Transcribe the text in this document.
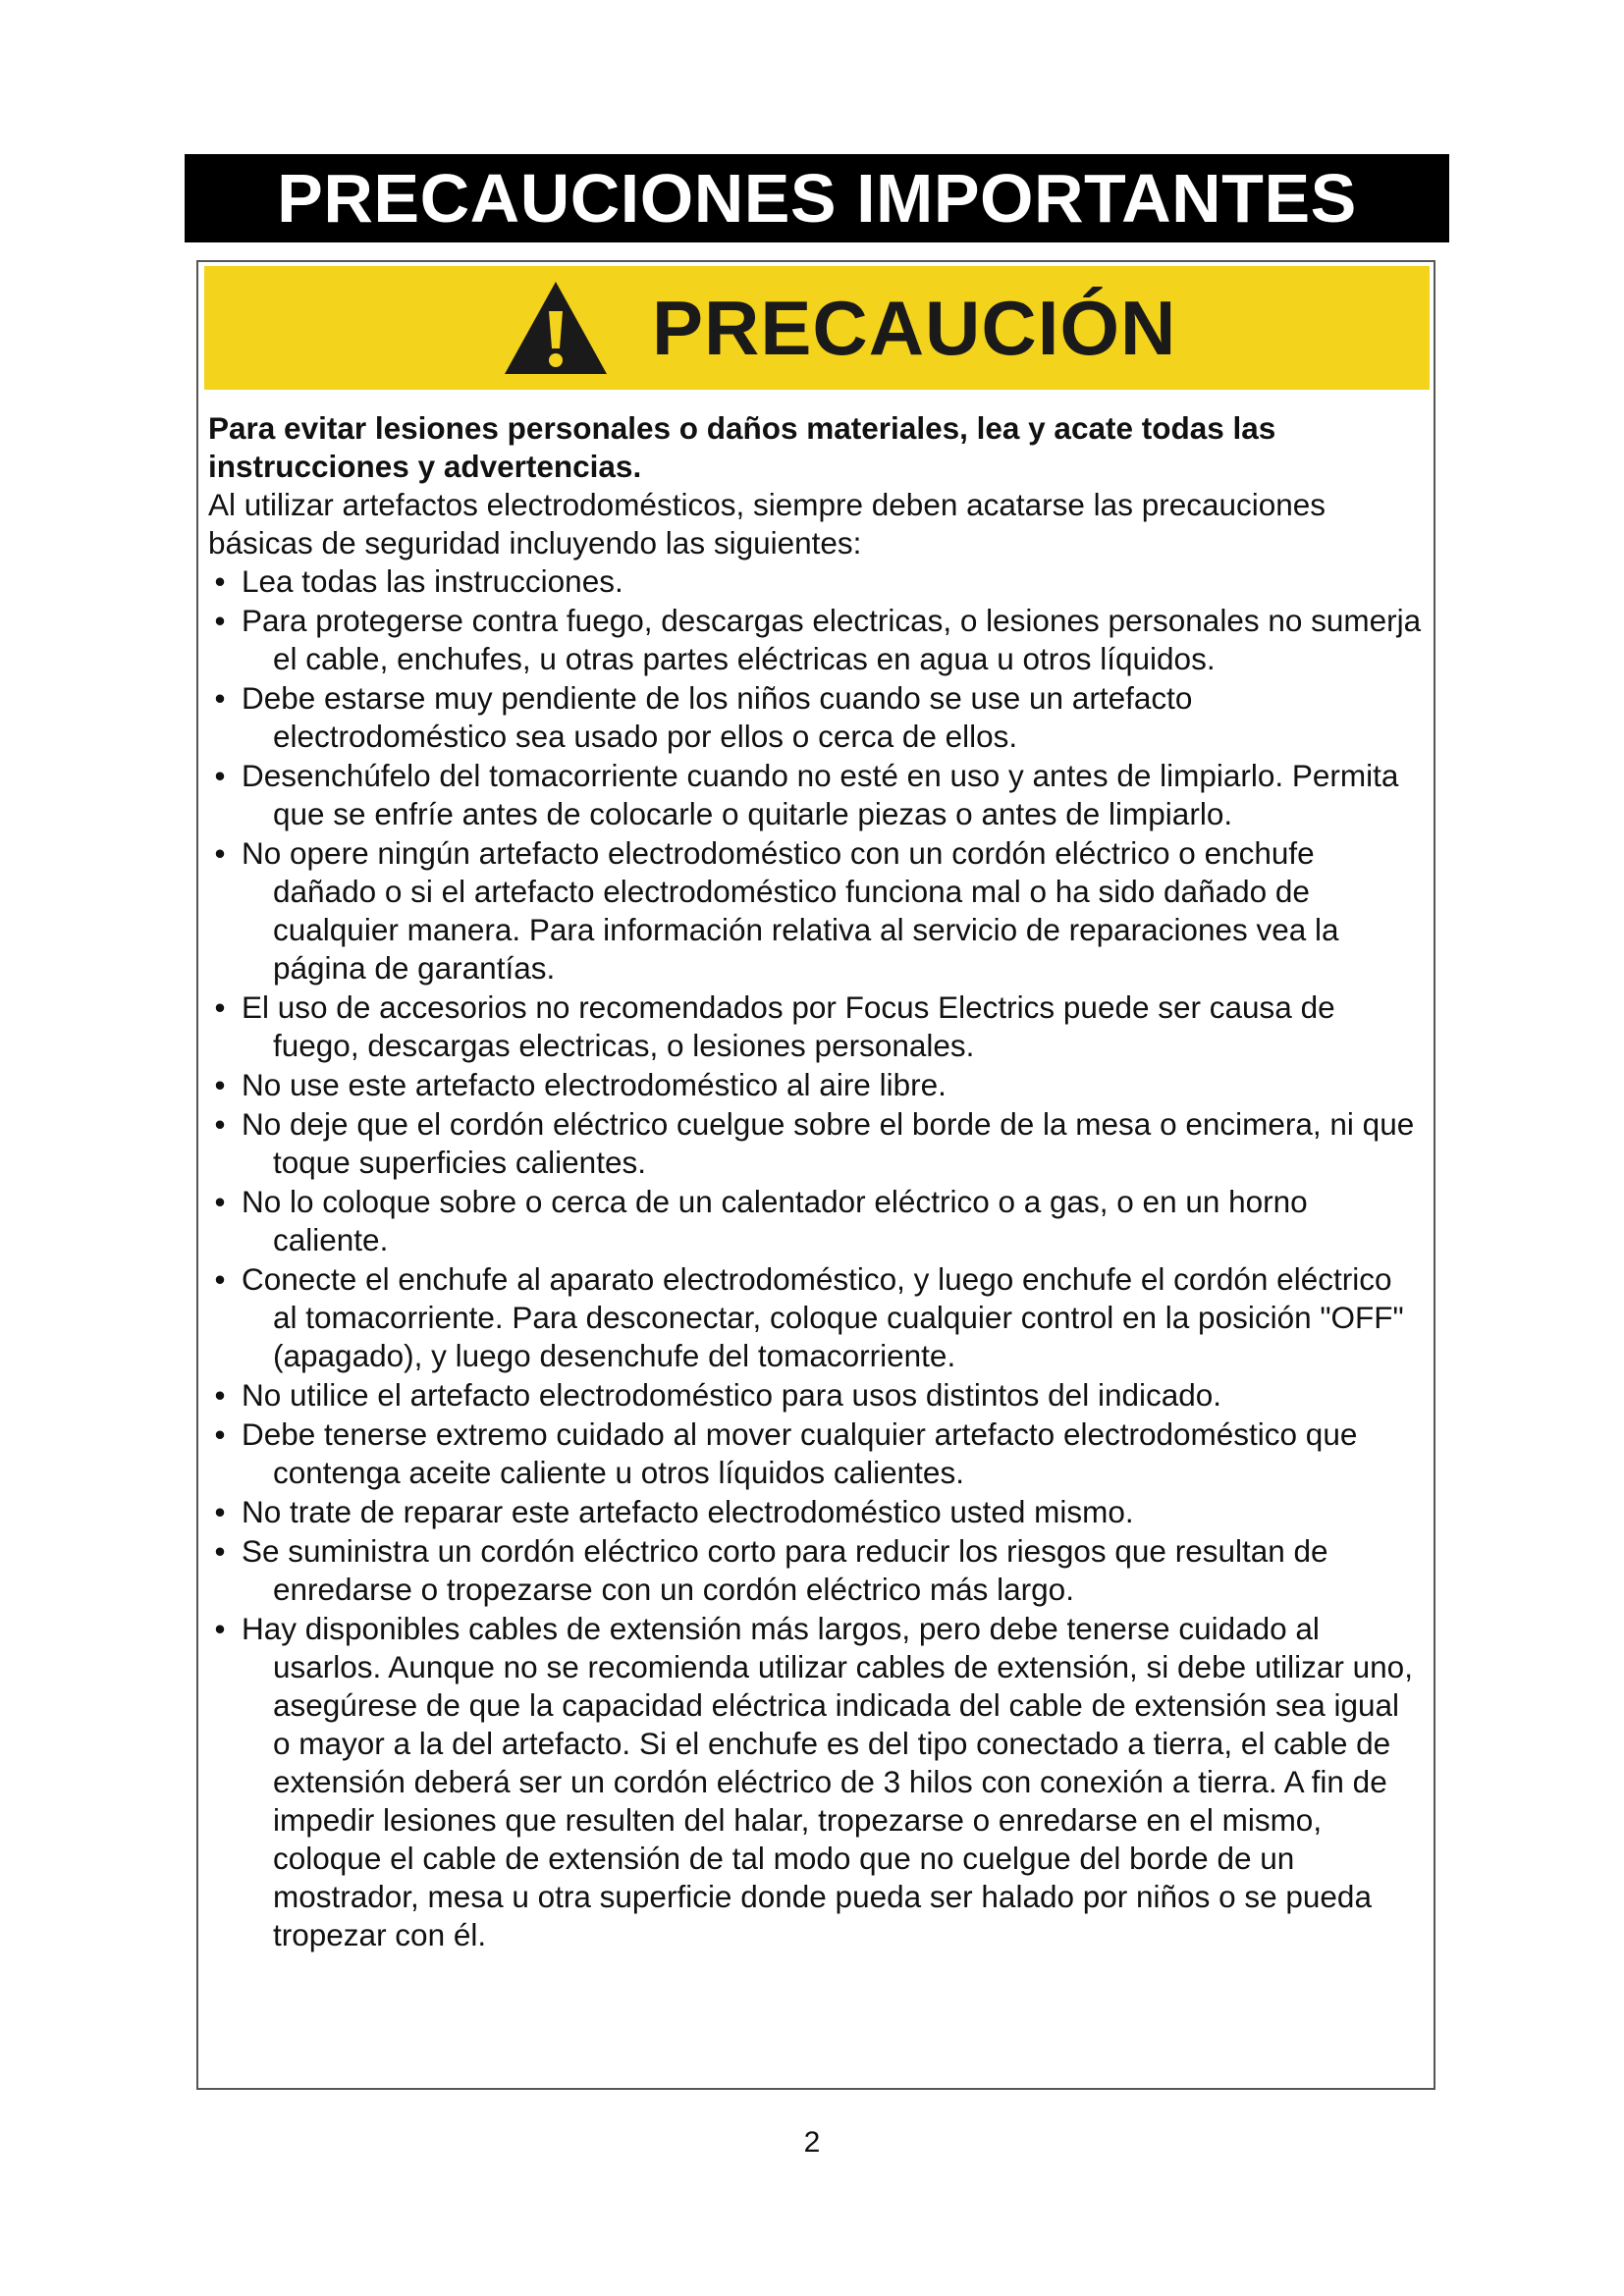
PRECAUCIONES IMPORTANTES
PRECAUCIÓN

Para evitar lesiones personales o daños materiales, lea y acate todas las instrucciones y advertencias.

Al utilizar artefactos electrodomésticos, siempre deben acatarse las precauciones básicas de seguridad incluyendo las siguientes:

• Lea todas las instrucciones.
• Para protegerse contra fuego, descargas electricas, o lesiones personales no sumerja el cable, enchufes, u otras partes eléctricas en agua u otros líquidos.
• Debe estarse muy pendiente de los niños cuando se use un artefacto electrodoméstico sea usado por ellos o cerca de ellos.
• Desenchúfelo del tomacorriente cuando no esté en uso y antes de limpiarlo. Permita que se enfríe antes de colocarle o quitarle piezas o antes de limpiarlo.
• No opere ningún artefacto electrodoméstico con un cordón eléctrico o enchufe dañado o si el artefacto electrodoméstico funciona mal o ha sido dañado de cualquier manera. Para información relativa al servicio de reparaciones vea la página de garantías.
• El uso de accesorios no recomendados por Focus Electrics puede ser causa de fuego, descargas electricas, o lesiones personales.
• No use este artefacto electrodoméstico al aire libre.
• No deje que el cordón eléctrico cuelgue sobre el borde de la mesa o encimera, ni que toque superficies calientes.
• No lo coloque sobre o cerca de un calentador eléctrico o a gas, o en un horno caliente.
• Conecte el enchufe al aparato electrodoméstico, y luego enchufe el cordón eléctrico al tomacorriente. Para desconectar, coloque cualquier control en la posición "OFF" (apagado), y luego desenchufe del tomacorriente.
• No utilice el artefacto electrodoméstico para usos distintos del indicado.
• Debe tenerse extremo cuidado al mover cualquier artefacto electrodoméstico que contenga aceite caliente u otros líquidos calientes.
• No trate de reparar este artefacto electrodoméstico usted mismo.
• Se suministra un cordón eléctrico corto para reducir los riesgos que resultan de enredarse o tropezarse con un cordón eléctrico más largo.
• Hay disponibles cables de extensión más largos, pero debe tenerse cuidado al usarlos. Aunque no se recomienda utilizar cables de extensión, si debe utilizar uno, asegúrese de que la capacidad eléctrica indicada del cable de extensión sea igual o mayor a la del artefacto. Si el enchufe es del tipo conectado a tierra, el cable de extensión deberá ser un cordón eléctrico de 3 hilos con conexión a tierra. A fin de impedir lesiones que resulten del halar, tropezarse o enredarse en el mismo, coloque el cable de extensión de tal modo que no cuelgue del borde de un mostrador, mesa u otra superficie donde pueda ser halado por niños o se pueda tropezar con él.
2
